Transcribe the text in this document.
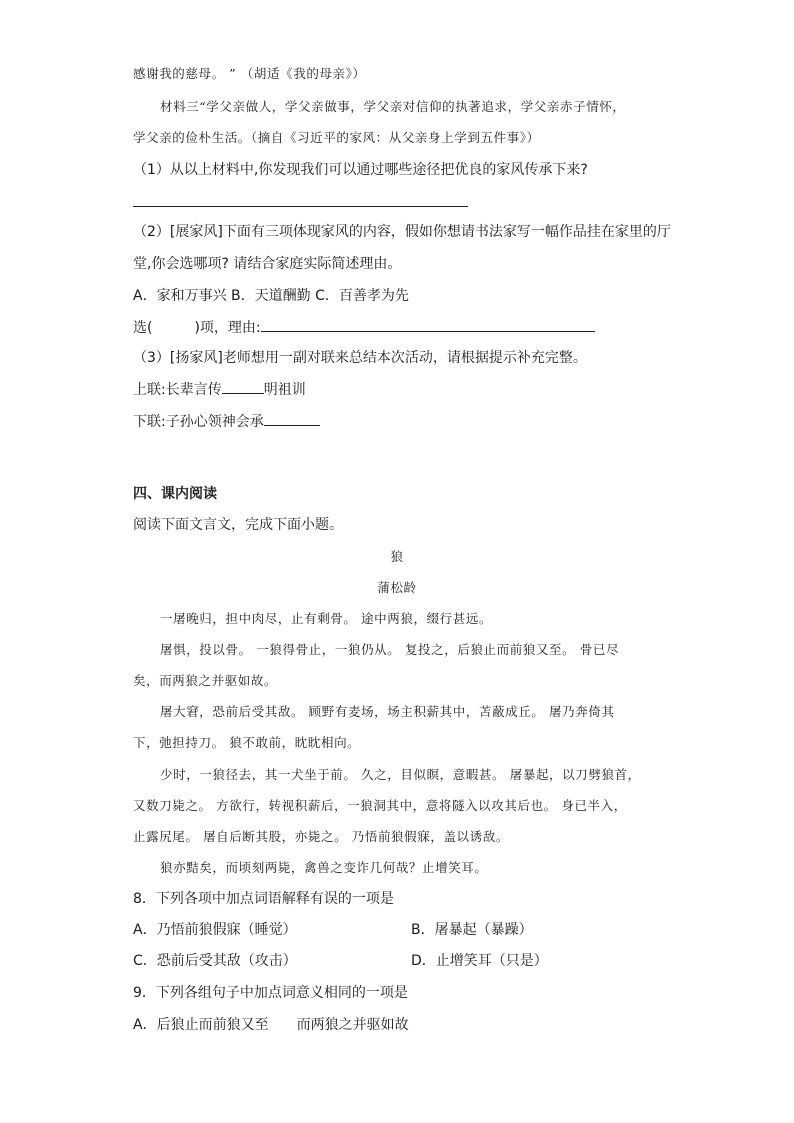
感谢我的慈母。 ” （胡适《我的母亲》）
材料三“学父亲做人，学父亲做事，学父亲对信仰的执著追求，学父亲赤子情怀，
学父亲的俭朴生活。（摘自《习近平的家风：从父亲身上学到五件事》）
（1）从以上材料中,你发现我们可以通过哪些途径把优良的家风传承下来?
（2）[展家风]下面有三项体现家风的内容，假如你想请书法家写一幅作品挂在家里的厅
堂,你会选哪项? 请结合家庭实际简述理由。
A．家和万事兴 B．天道酬勤 C．百善孝为先
选(	)项，理由:
（3）[扬家风]老师想用一副对联来总结本次活动，请根据提示补充完整。
上联:长辈言传	明祖训
下联:子孙心领神会承
四、课内阅读
阅读下面文言文，完成下面小题。
狼
蒲松龄
一屠晚归，担中肉尽，止有剩骨。 途中两狼，缀行甚远。
屠惧，投以骨。 一狼得骨止，一狼仍从。 复投之，后狼止而前狼又至。 骨已尽
矣，而两狼之并驱如故。
屠大窘，恐前后受其敌。 顾野有麦场，场主积薪其中，苫蔽成丘。 屠乃奔倚其
下，弛担持刀。 狼不敢前，眈眈相向。
少时，一狼径去，其一犬坐于前。 久之，目似瞑，意暇甚。 屠暴起，以刀劈狼首，
又数刀毙之。 方欲行，转视积薪后，一狼洞其中，意将隧入以攻其后也。 身已半入，
止露尻尾。 屠自后断其股，亦毙之。 乃悟前狼假寐，盖以诱敌。
狼亦黠矣，而顷刻两毙，禽兽之变诈几何哉？止增笑耳。
8．下列各项中加点词语解释有误的一项是
A．乃悟前狼假寐（睡觉）	B．屠暴起（暴躁）
C．恐前后受其敌（攻击）	D．止增笑耳（只是）
9．下列各组句子中加点词意义相同的一项是
A．后狼止而前狼又至 而两狼之并驱如故
